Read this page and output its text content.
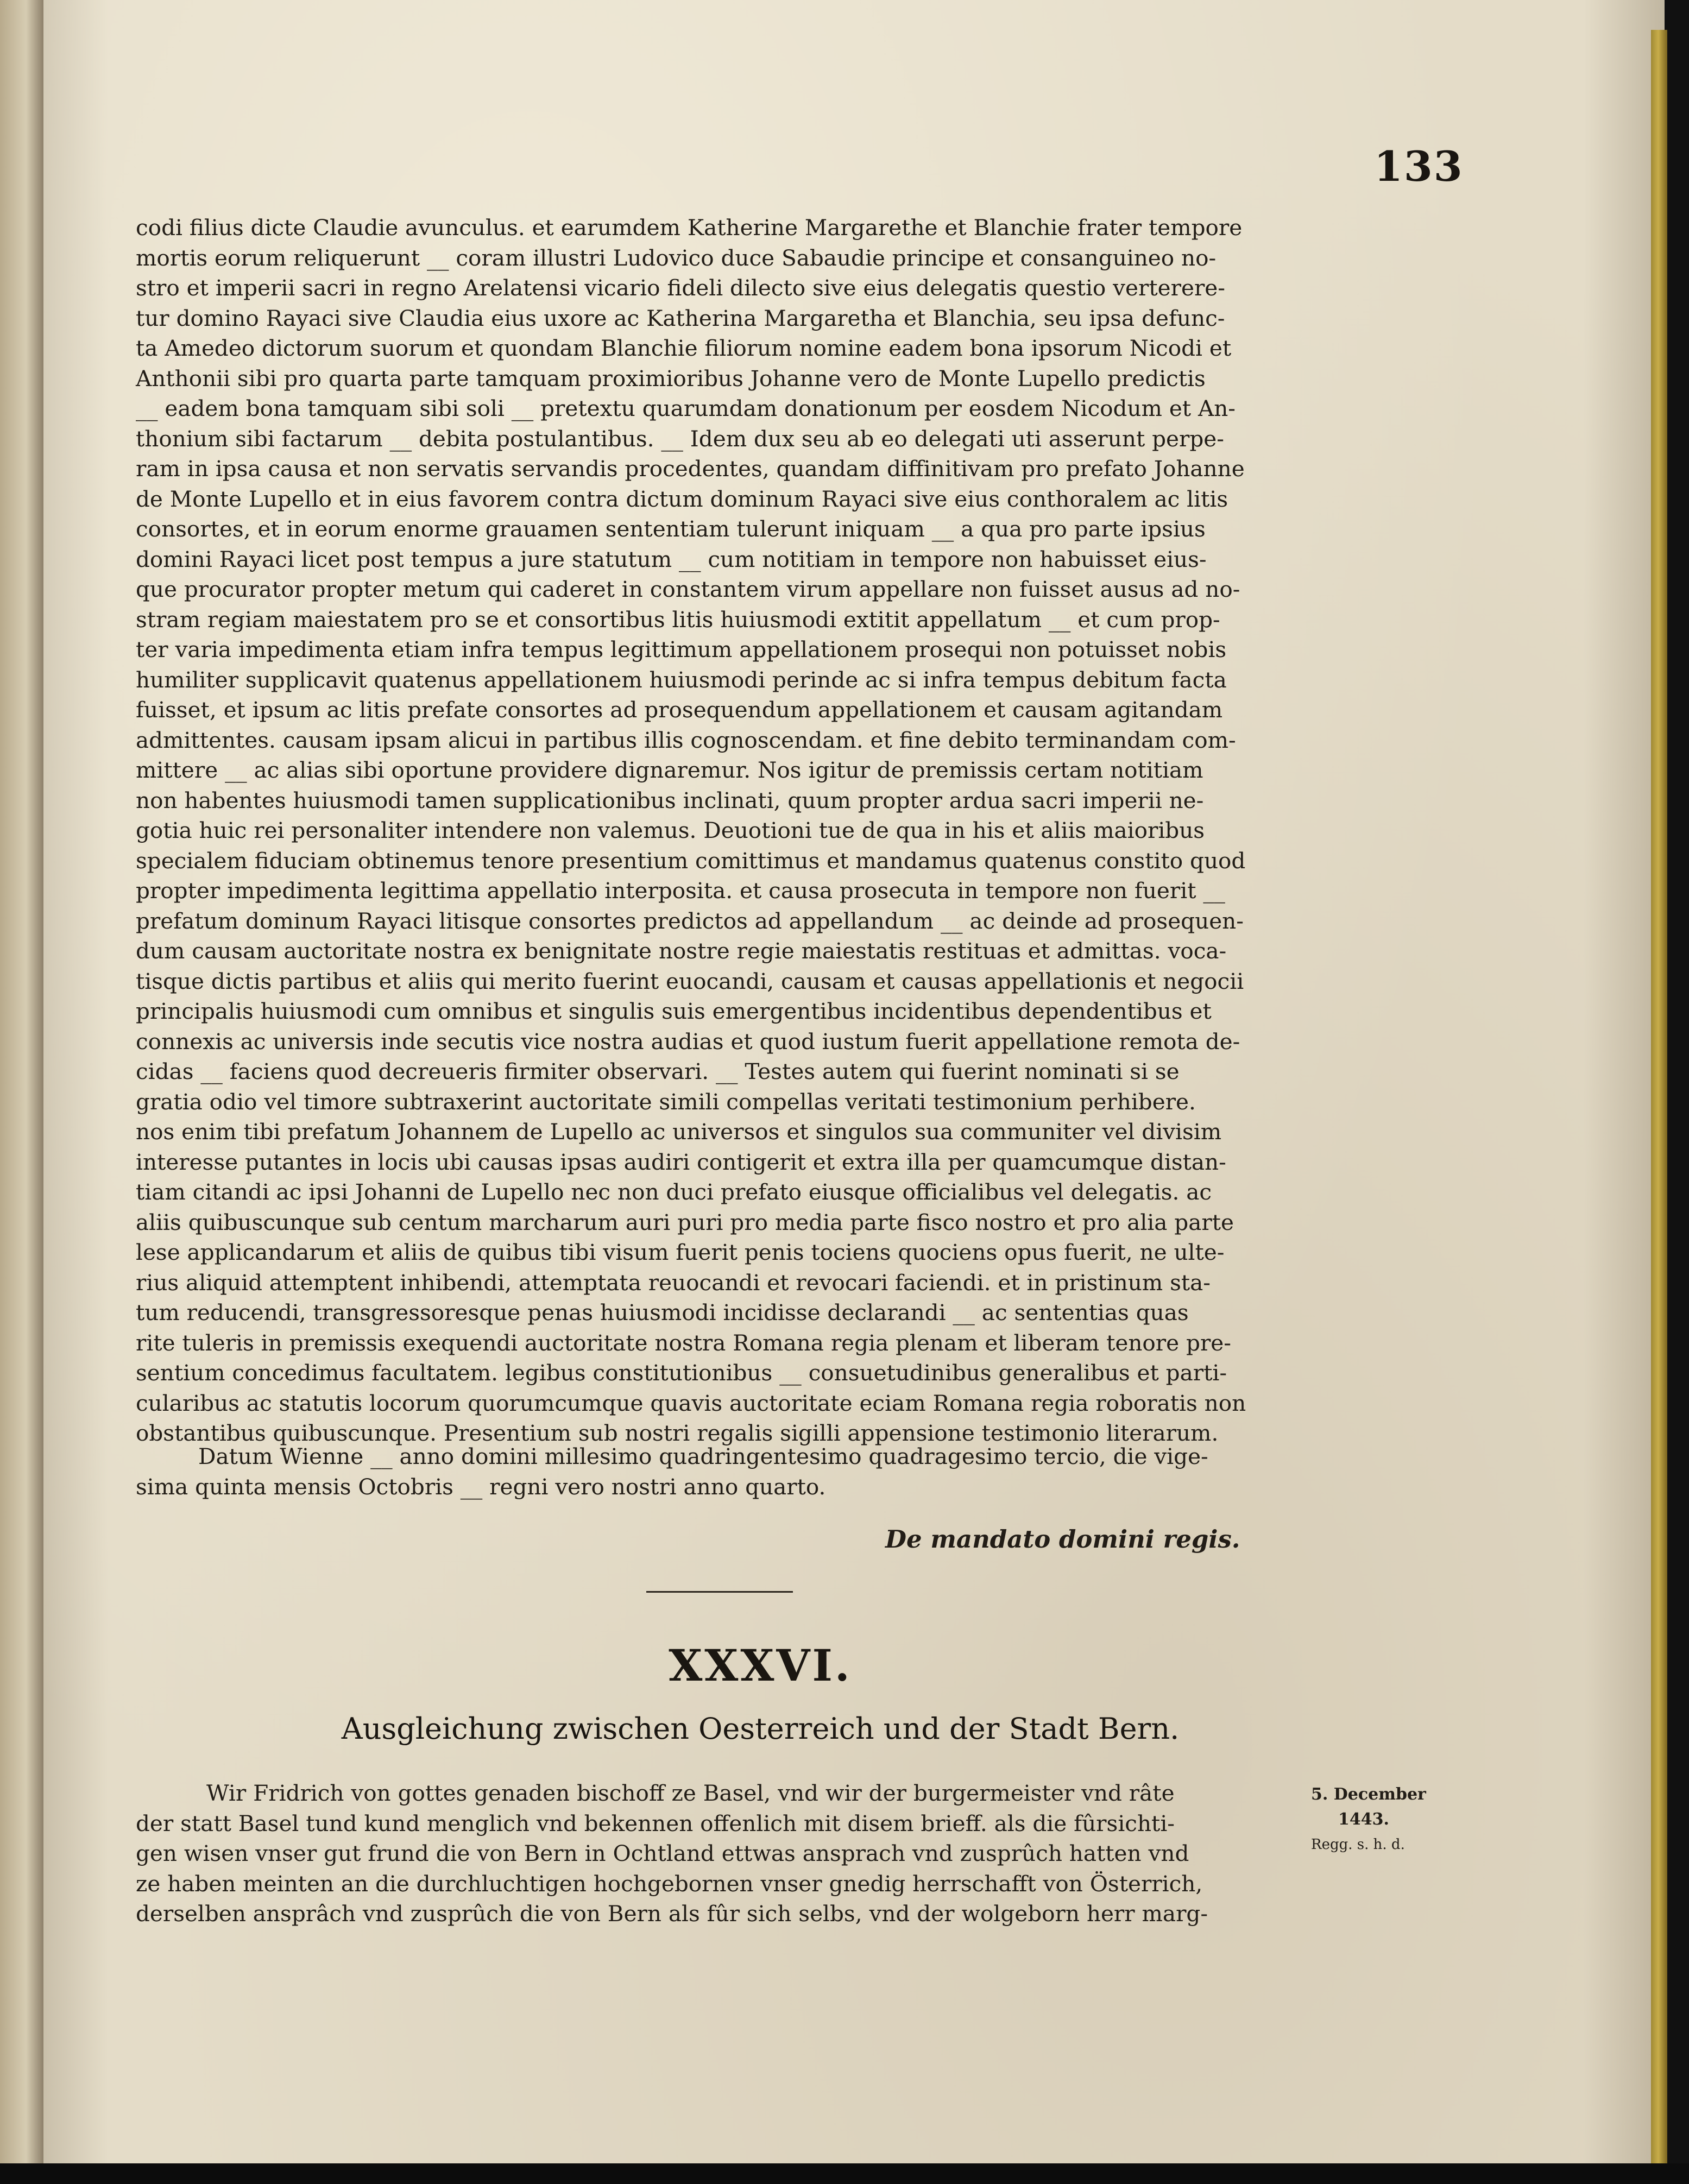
133
codi filius dicte Claudie avunculus. et earumdem Katherine Margarethe et Blanchie frater tempore
mortis eorum reliquerunt __ coram illustri Ludovico duce Sabaudie principe et consanguineo no-
stro et imperii sacri in regno Arelatensi vicario fideli dilecto sive eius delegatis questio verterere-
tur domino Rayaci sive Claudia eius uxore ac Katherina Margaretha et Blanchia, seu ipsa defunc-
ta Amedeo dictorum suorum et quondam Blanchie filiorum nomine eadem bona ipsorum Nicodi et
Anthonii sibi pro quarta parte tamquam proximioribus Johanne vero de Monte Lupello predictis
__ eadem bona tamquam sibi soli __ pretextu quarumdam donationum per eosdem Nicodum et An-
thonium sibi factarum __ debita postulantibus. __ Idem dux seu ab eo delegati uti asserunt perpe-
ram in ipsa causa et non servatis servandis procedentes, quandam diffinitivam pro prefato Johanne
de Monte Lupello et in eius favorem contra dictum dominum Rayaci sive eius conthoralem ac litis
consortes, et in eorum enorme grauamen sententiam tulerunt iniquam __ a qua pro parte ipsius
domini Rayaci licet post tempus a jure statutum __ cum notitiam in tempore non habuisset eius-
que procurator propter metum qui caderet in constantem virum appellare non fuisset ausus ad no-
stram regiam maiestatem pro se et consortibus litis huiusmodi extitit appellatum __ et cum prop-
ter varia impedimenta etiam infra tempus legittimum appellationem prosequi non potuisset nobis
humiliter supplicavit quatenus appellationem huiusmodi perinde ac si infra tempus debitum facta
fuisset, et ipsum ac litis prefate consortes ad prosequendum appellationem et causam agitandam
admittentes. causam ipsam alicui in partibus illis cognoscendam. et fine debito terminandam com-
mittere __ ac alias sibi oportune providere dignaremur. Nos igitur de premissis certam notitiam
non habentes huiusmodi tamen supplicationibus inclinati, quum propter ardua sacri imperii ne-
gotia huic rei personaliter intendere non valemus. Deuotioni tue de qua in his et aliis maioribus
specialem fiduciam obtinemus tenore presentium comittimus et mandamus quatenus constito quod
propter impedimenta legittima appellatio interposita. et causa prosecuta in tempore non fuerit __
prefatum dominum Rayaci litisque consortes predictos ad appellandum __ ac deinde ad prosequen-
dum causam auctoritate nostra ex benignitate nostre regie maiestatis restituas et admittas. voca-
tisque dictis partibus et aliis qui merito fuerint euocandi, causam et causas appellationis et negocii
principalis huiusmodi cum omnibus et singulis suis emergentibus incidentibus dependentibus et
connexis ac universis inde secutis vice nostra audias et quod iustum fuerit appellatione remota de-
cidas __ faciens quod decreueris firmiter observari. __ Testes autem qui fuerint nominati si se
gratia odio vel timore subtraxerint auctoritate simili compellas veritati testimonium perhibere.
nos enim tibi prefatum Johannem de Lupello ac universos et singulos sua communiter vel divisim
interesse putantes in locis ubi causas ipsas audiri contigerit et extra illa per quamcumque distan-
tiam citandi ac ipsi Johanni de Lupello nec non duci prefato eiusque officialibus vel delegatis. ac
aliis quibuscunque sub centum marcharum auri puri pro media parte fisco nostro et pro alia parte
lese applicandarum et aliis de quibus tibi visum fuerit penis tociens quociens opus fuerit, ne ulte-
rius aliquid attemptent inhibendi, attemptata reuocandi et revocari faciendi. et in pristinum sta-
tum reducendi, transgressoresque penas huiusmodi incidisse declarandi __ ac sententias quas
rite tuleris in premissis exequendi auctoritate nostra Romana regia plenam et liberam tenore pre-
sentium concedimus facultatem. legibus constitutionibus __ consuetudinibus generalibus et parti-
cularibus ac statutis locorum quorumcumque quavis auctoritate eciam Romana regia roboratis non
obstantibus quibuscunque. Presentium sub nostri regalis sigilli appensione testimonio literarum.
Datum Wienne __ anno domini millesimo quadringentesimo quadragesimo tercio, die vige-
sima quinta mensis Octobris __ regni vero nostri anno quarto.
De mandato domini regis.
XXXVI.
Ausgleichung zwischen Oesterreich und der Stadt Bern.
Wir Fridrich von gottes genaden bischoff ze Basel, vnd wir der burgermeister vnd râte
der statt Basel tund kund menglich vnd bekennen offenlich mit disem brieff. als die fûrsichti-
gen wisen vnser gut frund die von Bern in Ochtland ettwas ansprach vnd zusprûch hatten vnd
ze haben meinten an die durchluchtigen hochgebornen vnser gnedig herrschafft von Österrich,
derselben ansprâch vnd zusprûch die von Bern als fûr sich selbs, vnd der wolgeborn herr marg-
5. December
1443.
Regg. s. h. d.
